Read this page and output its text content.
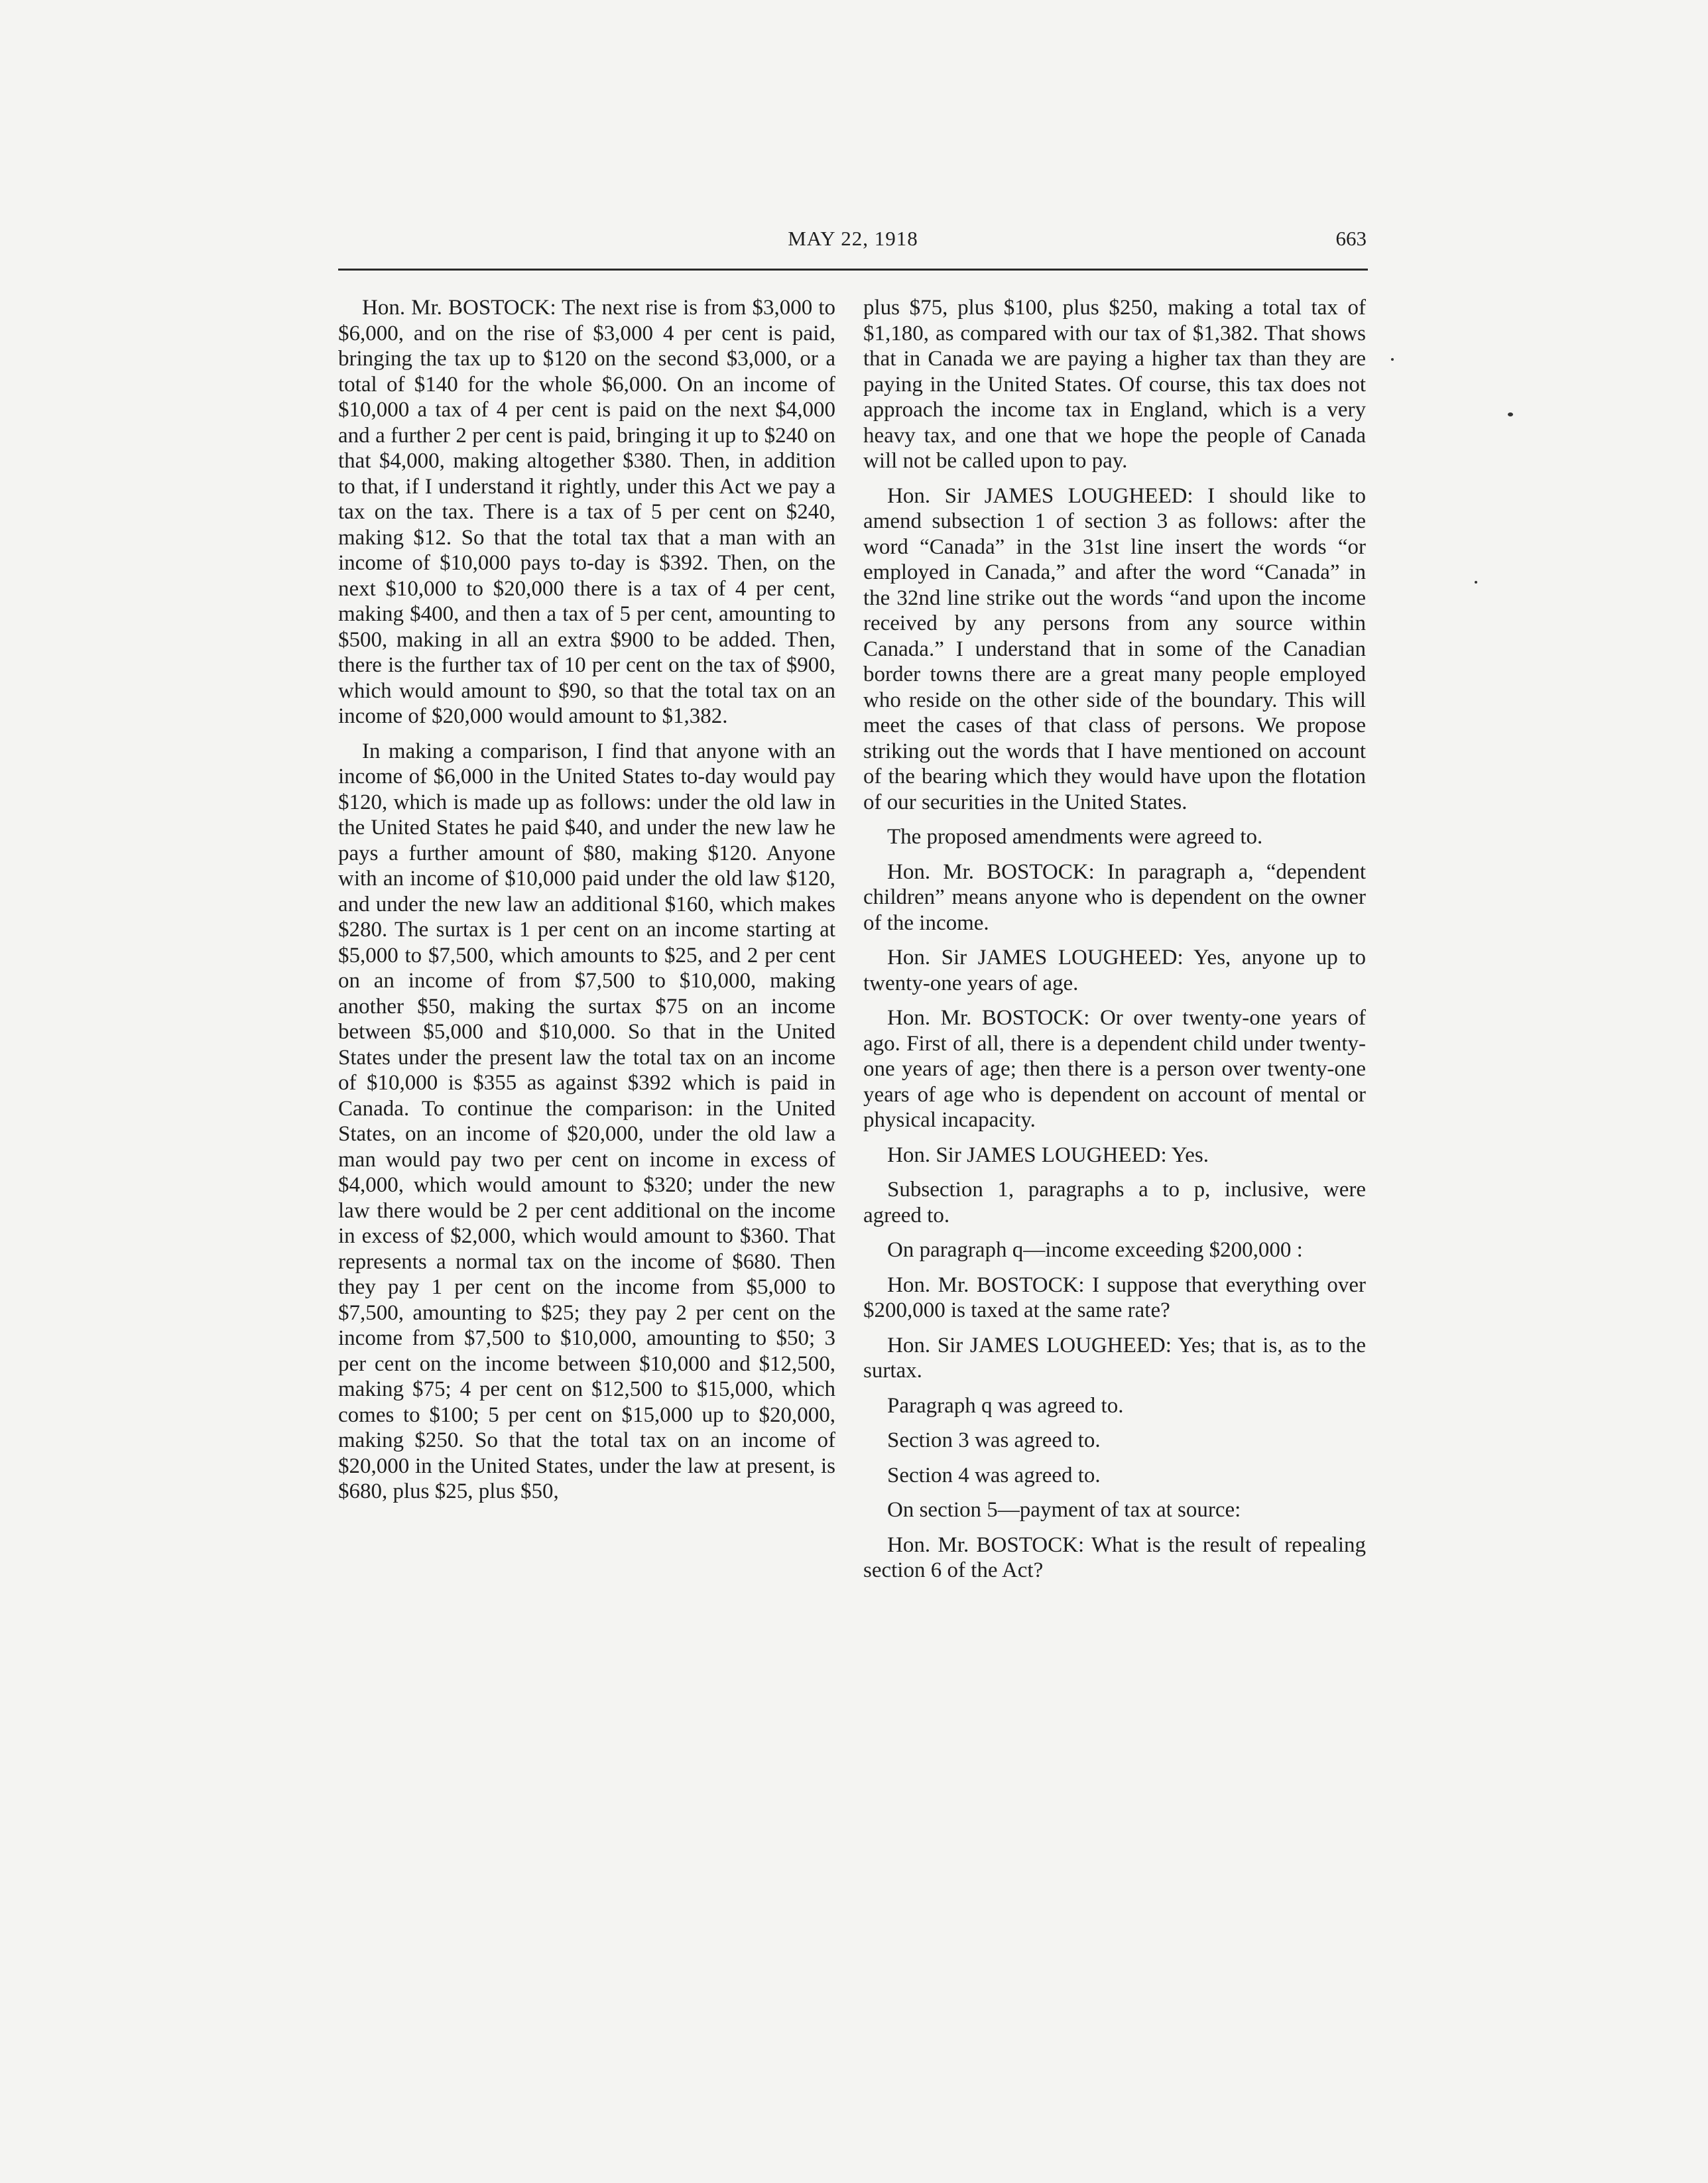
MAY 22, 1918	663

Hon. Mr. BOSTOCK: The next rise is from $3,000 to $6,000, and on the rise of $3,000 4 per cent is paid, bringing the tax up to $120 on the second $3,000, or a total of $140 for the whole $6,000. On an income of $10,000 a tax of 4 per cent is paid on the next $4,000 and a further 2 per cent is paid, bringing it up to $240 on that $4,000, making altogether $380. Then, in addition to that, if I understand it rightly, under this Act we pay a tax on the tax. There is a tax of 5 per cent on $240, making $12. So that the total tax that a man with an income of $10,000 pays to-day is $392. Then, on the next $10,000 to $20,000 there is a tax of 4 per cent, making $400, and then a tax of 5 per cent, amounting to $500, making in all an extra $900 to be added. Then, there is the further tax of 10 per cent on the tax of $900, which would amount to $90, so that the total tax on an income of $20,000 would amount to $1,382.

In making a comparison, I find that anyone with an income of $6,000 in the United States to-day would pay $120, which is made up as follows: under the old law in the United States he paid $40, and under the new law he pays a further amount of $80, making $120. Anyone with an income of $10,000 paid under the old law $120, and under the new law an additional $160, which makes $280. The surtax is 1 per cent on an income starting at $5,000 to $7,500, which amounts to $25, and 2 per cent on an income of from $7,500 to $10,000, making another $50, making the surtax $75 on an income between $5,000 and $10,000. So that in the United States under the present law the total tax on an income of $10,000 is $355 as against $392 which is paid in Canada. To continue the comparison: in the United States, on an income of $20,000, under the old law a man would pay two per cent on income in excess of $4,000, which would amount to $320; under the new law there would be 2 per cent additional on the income in excess of $2,000, which would amount to $360. That represents a normal tax on the income of $680. Then they pay 1 per cent on the income from $5,000 to $7,500, amounting to $25; they pay 2 per cent on the income from $7,500 to $10,000, amounting to $50; 3 per cent on the income between $10,000 and $12,500, making $75; 4 per cent on $12,500 to $15,000, which comes to $100; 5 per cent on $15,000 up to $20,000, making $250. So that the total tax on an income of $20,000 in the United States, under the law at present, is $680, plus $25, plus $50,

plus $75, plus $100, plus $250, making a total tax of $1,180, as compared with our tax of $1,382. That shows that in Canada we are paying a higher tax than they are paying in the United States. Of course, this tax does not approach the income tax in England, which is a very heavy tax, and one that we hope the people of Canada will not be called upon to pay.

Hon. Sir JAMES LOUGHEED: I should like to amend subsection 1 of section 3 as follows: after the word “Canada” in the 31st line insert the words “or employed in Canada,” and after the word “Canada” in the 32nd line strike out the words “and upon the income received by any persons from any source within Canada.” I understand that in some of the Canadian border towns there are a great many people employed who reside on the other side of the boundary. This will meet the cases of that class of persons. We propose striking out the words that I have mentioned on account of the bearing which they would have upon the flotation of our securities in the United States.

The proposed amendments were agreed to.

Hon. Mr. BOSTOCK: In paragraph a, “dependent children” means anyone who is dependent on the owner of the income.

Hon. Sir JAMES LOUGHEED: Yes, anyone up to twenty-one years of age.

Hon. Mr. BOSTOCK: Or over twenty-one years of ago. First of all, there is a dependent child under twenty-one years of age; then there is a person over twenty-one years of age who is dependent on account of mental or physical incapacity.

Hon. Sir JAMES LOUGHEED: Yes.

Subsection 1, paragraphs a to p, inclusive, were agreed to.

On paragraph q—income exceeding $200,000 :

Hon. Mr. BOSTOCK: I suppose that everything over $200,000 is taxed at the same rate?

Hon. Sir JAMES LOUGHEED: Yes; that is, as to the surtax.

Paragraph q was agreed to.

Section 3 was agreed to.

Section 4 was agreed to.

On section 5—payment of tax at source:

Hon. Mr. BOSTOCK: What is the result of repealing section 6 of the Act?
